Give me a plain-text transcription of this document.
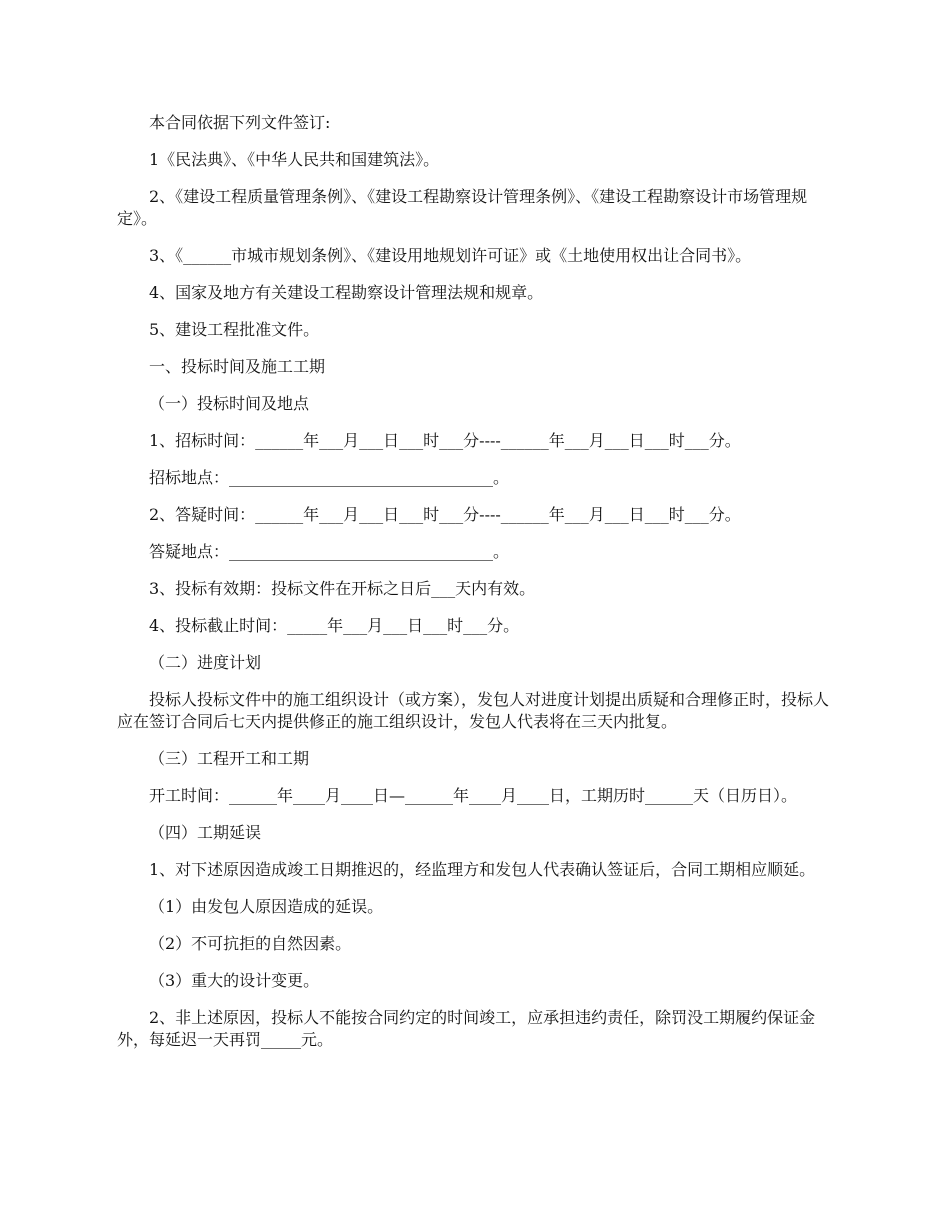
本合同依据下列文件签订:

1《民法典》、《中华人民共和国建筑法》。

2、《建设工程质量管理条例》、《建设工程勘察设计管理条例》、《建设工程勘察设计市场管理规定》。

3、《______市城市规划条例》、《建设用地规划许可证》或《土地使用权出让合同书》。

4、国家及地方有关建设工程勘察设计管理法规和规章。

5、建设工程批准文件。

一、投标时间及施工工期

（一）投标时间及地点

1、招标时间：______年___月___日___时___分----______年___月___日___时___分。

招标地点：_________________________________。

2、答疑时间：______年___月___日___时___分----______年___月___日___时___分。

答疑地点：_________________________________。

3、投标有效期：投标文件在开标之日后___天内有效。

4、投标截止时间：_____年___月___日___时___分。

（二）进度计划

投标人投标文件中的施工组织设计（或方案），发包人对进度计划提出质疑和合理修正时，投标人应在签订合同后七天内提供修正的施工组织设计，发包人代表将在三天内批复。

（三）工程开工和工期

开工时间：______年____月____日—______年____月____日，工期历时______天（日历日）。

（四）工期延误

1、对下述原因造成竣工日期推迟的，经监理方和发包人代表确认签证后，合同工期相应顺延。

（1）由发包人原因造成的延误。

（2）不可抗拒的自然因素。

（3）重大的设计变更。

2、非上述原因，投标人不能按合同约定的时间竣工，应承担违约责任，除罚没工期履约保证金外，每延迟一天再罚_____元。
